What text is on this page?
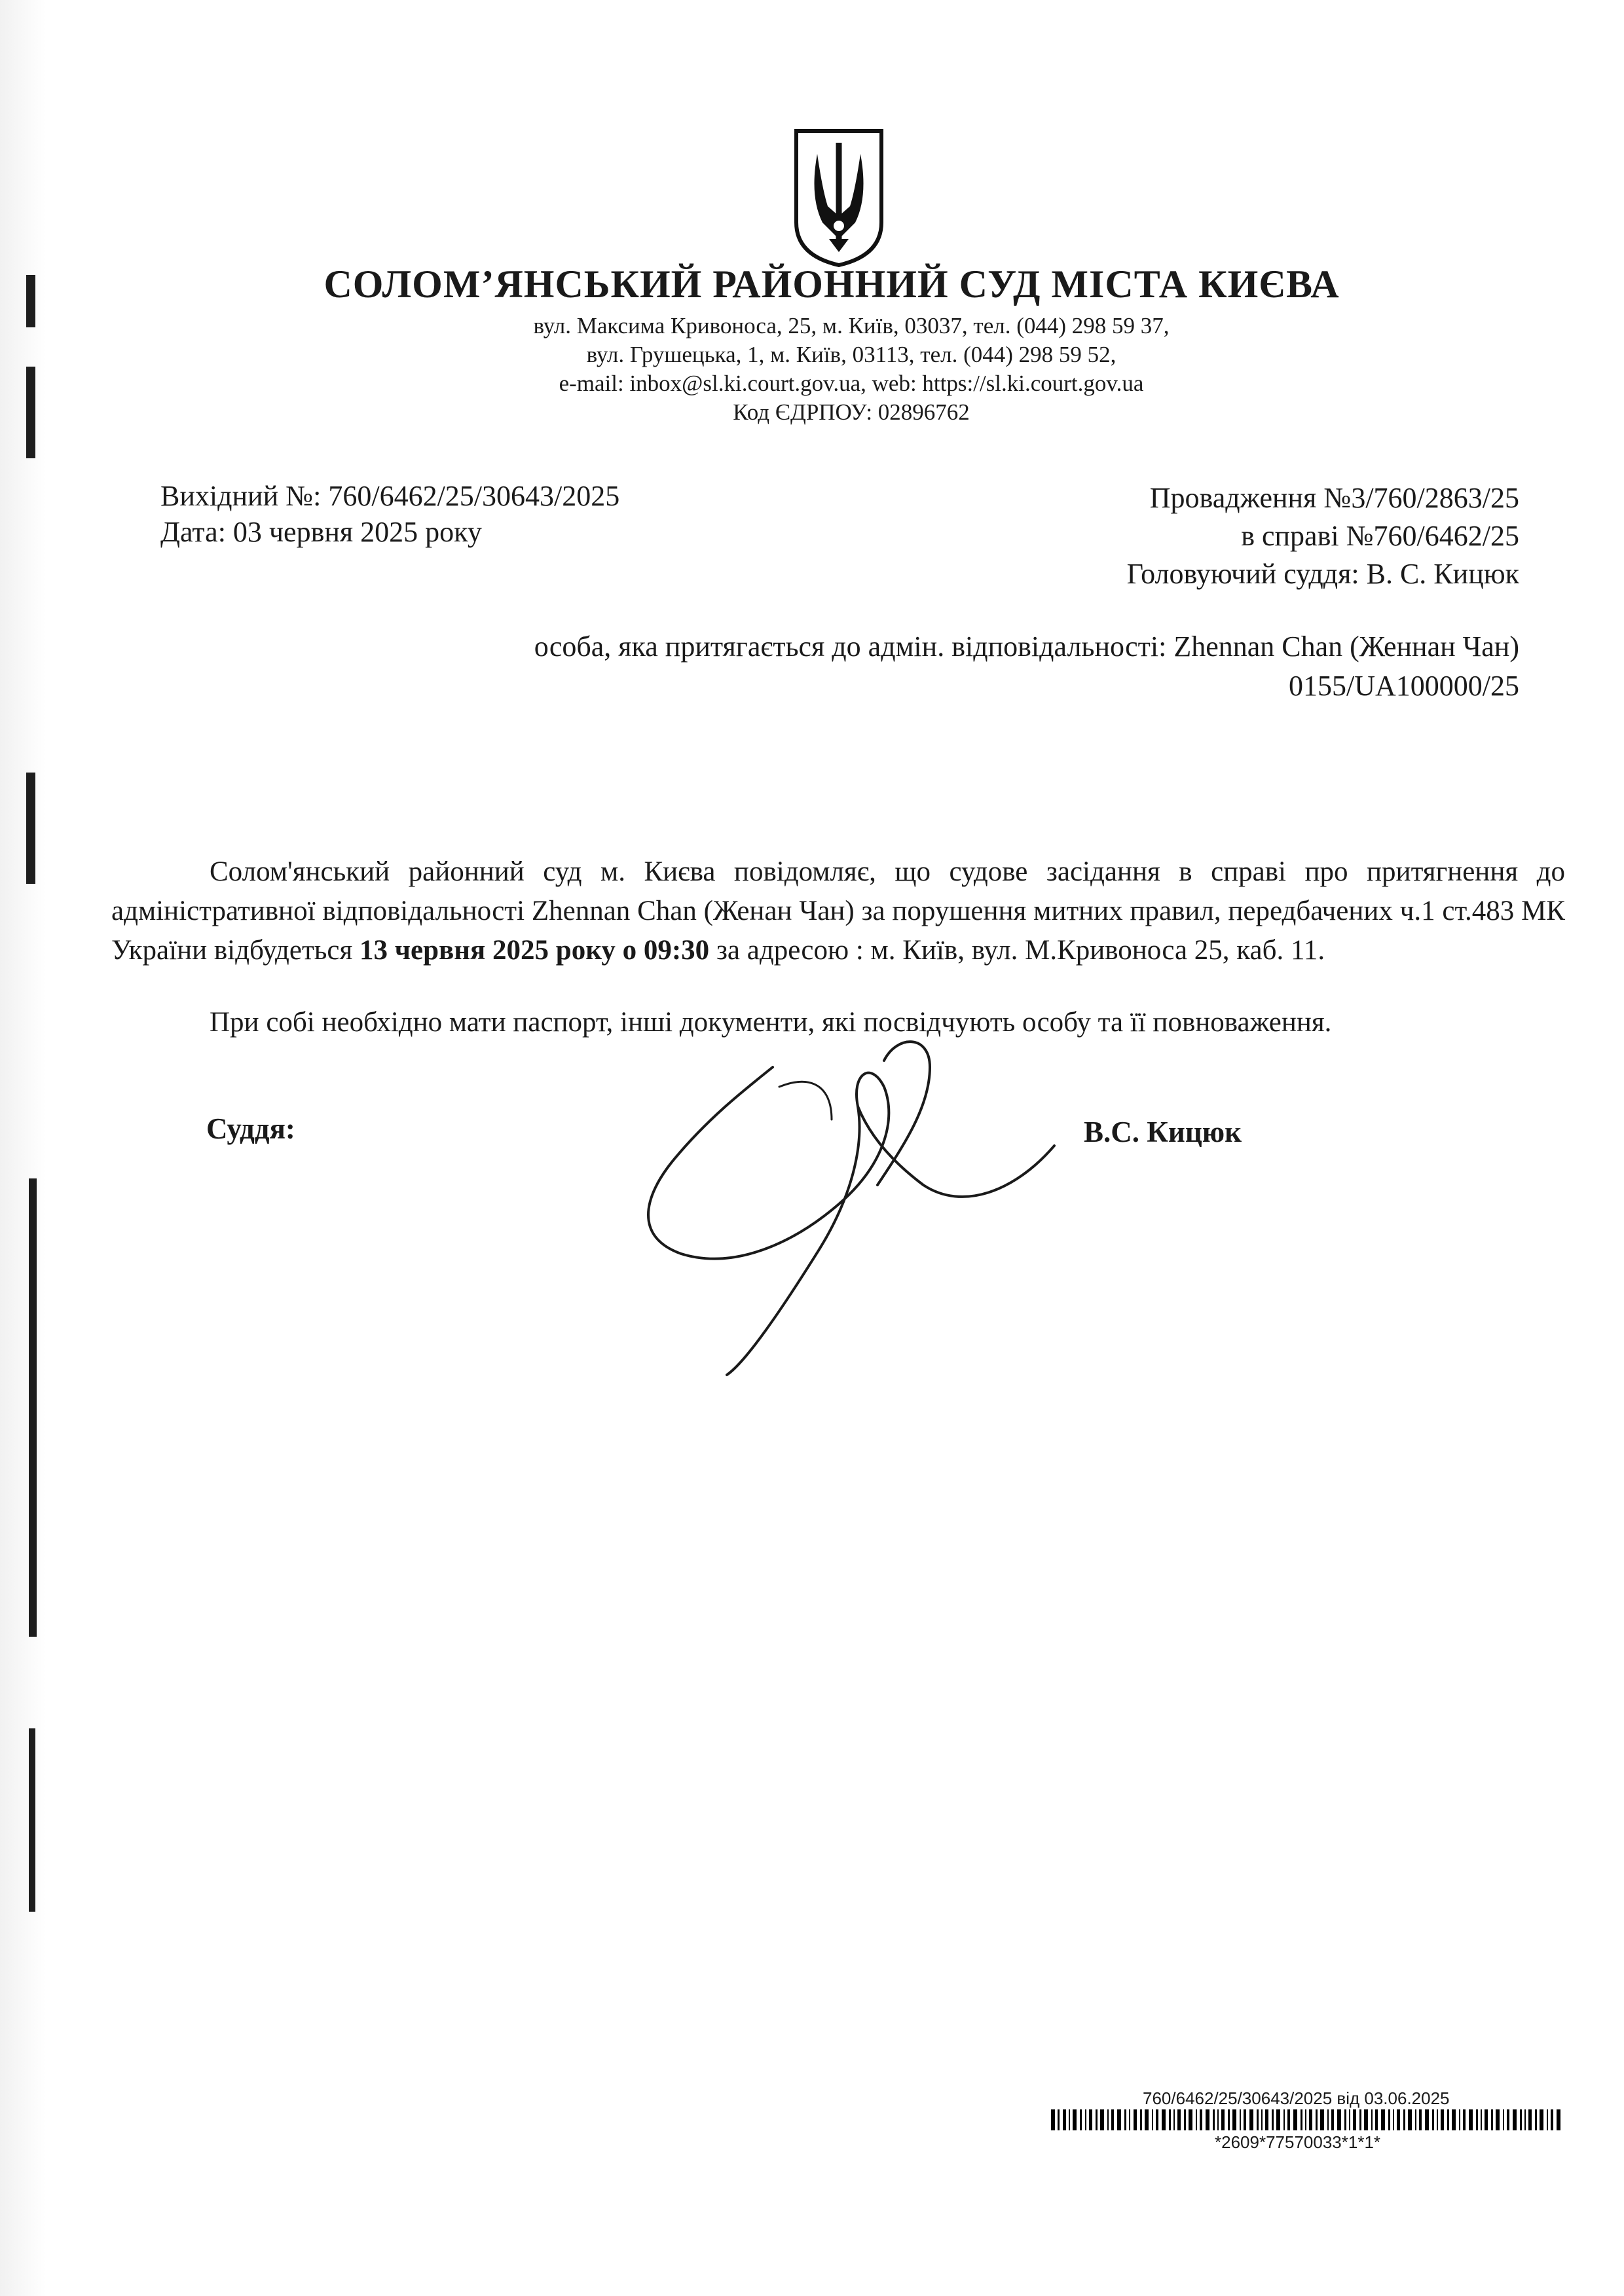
СОЛОМ’ЯНСЬКИЙ РАЙОННИЙ СУД МІСТА КИЄВА
вул. Максима Кривоноса, 25, м. Київ, 03037, тел. (044) 298 59 37,
вул. Грушецька, 1, м. Київ, 03113, тел. (044) 298 59 52,
e-mail: inbox@sl.ki.court.gov.ua, web: https://sl.ki.court.gov.ua
Код ЄДРПОУ: 02896762
Вихідний №: 760/6462/25/30643/2025
Дата: 03 червня 2025 року
Провадження №3/760/2863/25
в справі №760/6462/25
Головуючий суддя: В. С. Кицюк
особа, яка притягається до адмін. відповідальності: Zhennan Chan (Женнан Чан)
0155/UA100000/25

Солом'янський районний суд м. Києва повідомляє, що судове засідання в справі про притягнення до адміністративної відповідальності Zhennan Chan (Женан Чан) за порушення митних правил, передбачених ч.1 ст.483 МК України відбудеться 13 червня 2025 року о 09:30 за адресою : м. Київ, вул. М.Кривоноса 25, каб. 11.

При собі необхідно мати паспорт, інші документи, які посвідчують особу та її повноваження.

Суддя:	В.С. Кицюк
760/6462/25/30643/2025 від 03.06.2025
*2609*77570033*1*1*
